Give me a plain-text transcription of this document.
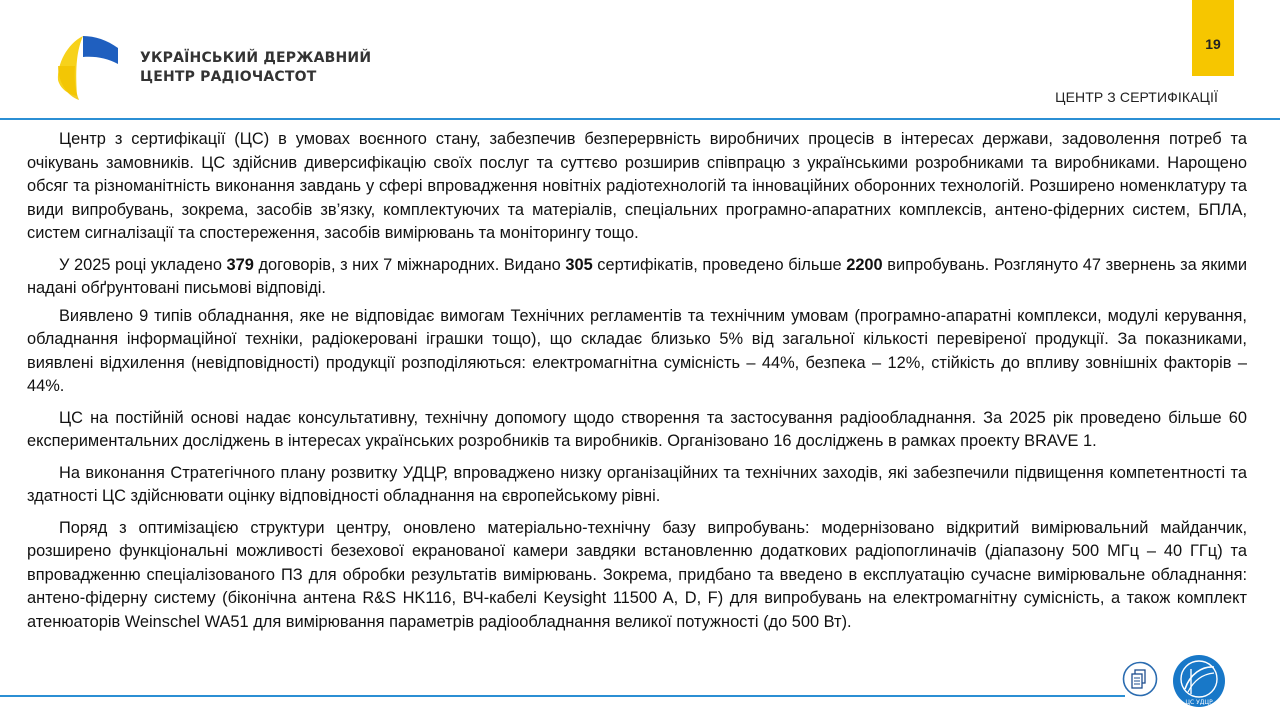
УКРАЇНСЬКИЙ ДЕРЖАВНИЙ
ЦЕНТР РАДІОЧАСТОТ
19
ЦЕНТР З СЕРТИФІКАЦІЇ

Центр з сертифікації (ЦС) в умовах воєнного стану, забезпечив безперервність виробничих процесів в інтересах держави, задоволення потреб та очікувань замовників. ЦС здійснив диверсифікацію своїх послуг та суттєво розширив співпрацю з українськими розробниками та виробниками. Нарощено обсяг та різноманітність виконання завдань у сфері впровадження новітніх радіотехнологій та інноваційних оборонних технологій. Розширено номенклатуру та види випробувань, зокрема, засобів зв’язку, комплектуючих та матеріалів, спеціальних програмно-апаратних комплексів, антено-фідерних систем, БПЛА, систем сигналізації та спостереження, засобів вимірювань та моніторингу тощо.

У 2025 році укладено 379 договорів, з них 7 міжнародних. Видано 305 сертифікатів, проведено більше 2200 випробувань. Розглянуто 47 звернень за якими надані обґрунтовані письмові відповіді.

Виявлено 9 типів обладнання, яке не відповідає вимогам Технічних регламентів та технічним умовам (програмно-апаратні комплекси, модулі керування, обладнання інформаційної техніки, радіокеровані іграшки тощо), що складає близько 5% від загальної кількості перевіреної продукції. За показниками, виявлені відхилення (невідповідності) продукції розподіляються: електромагнітна сумісність – 44%, безпека – 12%, стійкість до впливу зовнішніх факторів – 44%.

ЦС на постійній основі надає консультативну, технічну допомогу щодо створення та застосування радіообладнання. За 2025 рік проведено більше 60 експериментальних досліджень в інтересах українських розробників та виробників. Організовано 16 досліджень в рамках проекту BRAVE 1.

На виконання Стратегічного плану розвитку УДЦР, впроваджено низку організаційних та технічних заходів, які забезпечили підвищення компетентності та здатності ЦС здійснювати оцінку відповідності обладнання на європейському рівні.

Поряд з оптимізацією структури центру, оновлено матеріально-технічну базу випробувань: модернізовано відкритий вимірювальний майданчик, розширено функціональні можливості безехової екранованої камери завдяки встановленню додаткових радіопоглиначів (діапазону 500 МГц – 40 ГГц) та впровадженню спеціалізованого ПЗ для обробки результатів вимірювань. Зокрема, придбано та введено в експлуатацію сучасне вимірювальне обладнання: антено-фідерну систему (біконічна антена R&S HK116, ВЧ-кабелі Keysight 11500 A, D, F) для випробувань на електромагнітну сумісність, а також комплект атенюаторів Weinschel WA51 для вимірювання параметрів радіообладнання великої потужності (до 500 Вт).

ЦС УДЦР
